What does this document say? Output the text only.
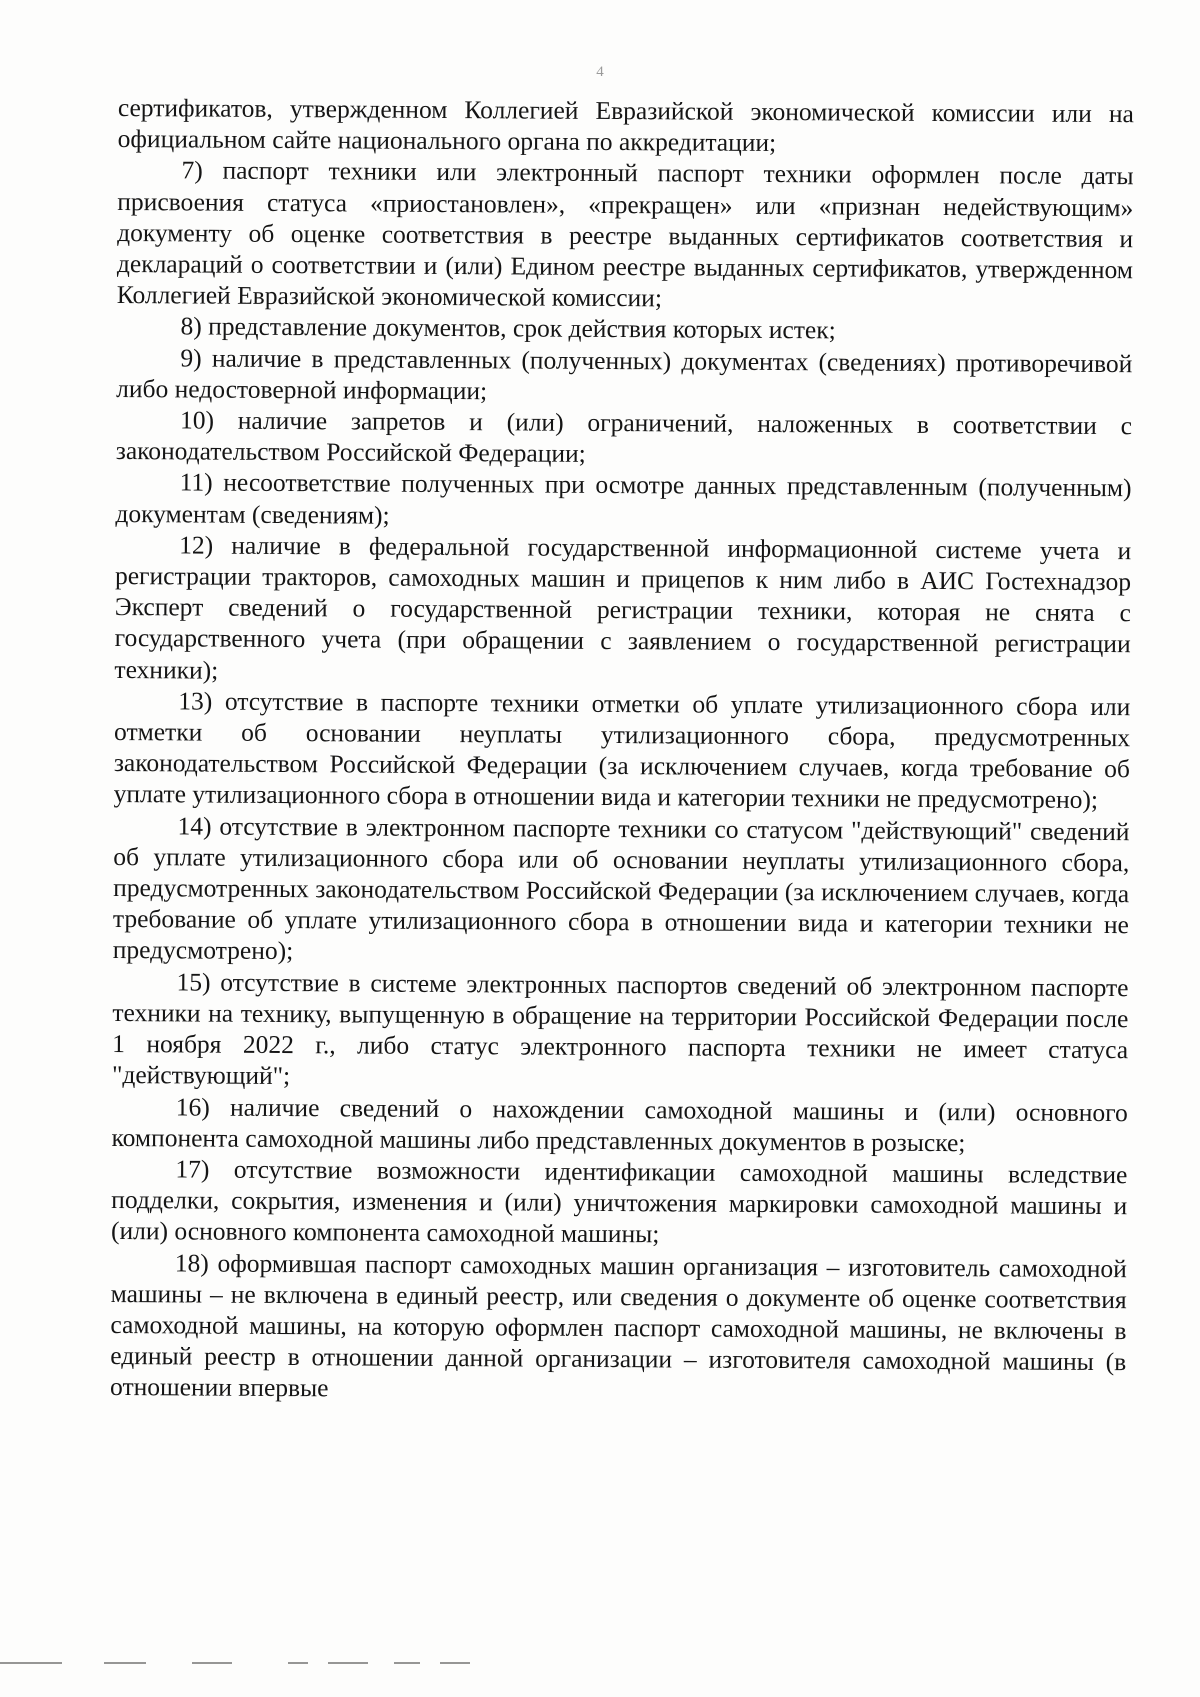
4

сертификатов, утвержденном Коллегией Евразийской экономической комиссии или на официальном сайте национального органа по аккредитации;

7) паспорт техники или электронный паспорт техники оформлен после даты присвоения статуса «приостановлен», «прекращен» или «признан недействующим» документу об оценке соответствия в реестре выданных сертификатов соответствия и деклараций о соответствии и (или) Едином реестре выданных сертификатов, утвержденном Коллегией Евразийской экономической комиссии;

8) представление документов, срок действия которых истек;

9) наличие в представленных (полученных) документах (сведениях) противоречивой либо недостоверной информации;

10) наличие запретов и (или) ограничений, наложенных в соответствии с законодательством Российской Федерации;

11) несоответствие полученных при осмотре данных представленным (полученным) документам (сведениям);

12) наличие в федеральной государственной информационной системе учета и регистрации тракторов, самоходных машин и прицепов к ним либо в АИС Гостехнадзор Эксперт сведений о государственной регистрации техники, которая не снята с государственного учета (при обращении с заявлением о государственной регистрации техники);

13) отсутствие в паспорте техники отметки об уплате утилизационного сбора или отметки об основании неуплаты утилизационного сбора, предусмотренных законодательством Российской Федерации (за исключением случаев, когда требование об уплате утилизационного сбора в отношении вида и категории техники не предусмотрено);

14) отсутствие в электронном паспорте техники со статусом "действующий" сведений об уплате утилизационного сбора или об основании неуплаты утилизационного сбора, предусмотренных законодательством Российской Федерации (за исключением случаев, когда требование об уплате утилизационного сбора в отношении вида и категории техники не предусмотрено);

15) отсутствие в системе электронных паспортов сведений об электронном паспорте техники на технику, выпущенную в обращение на территории Российской Федерации после 1 ноября 2022 г., либо статус электронного паспорта техники не имеет статуса "действующий";

16) наличие сведений о нахождении самоходной машины и (или) основного компонента самоходной машины либо представленных документов в розыске;

17) отсутствие возможности идентификации самоходной машины вследствие подделки, сокрытия, изменения и (или) уничтожения маркировки самоходной машины и (или) основного компонента самоходной машины;

18) оформившая паспорт самоходных машин организация – изготовитель самоходной машины – не включена в единый реестр, или сведения о документе об оценке соответствия самоходной машины, на которую оформлен паспорт самоходной машины, не включены в единый реестр в отношении данной организации – изготовителя самоходной машины (в отношении впервые
